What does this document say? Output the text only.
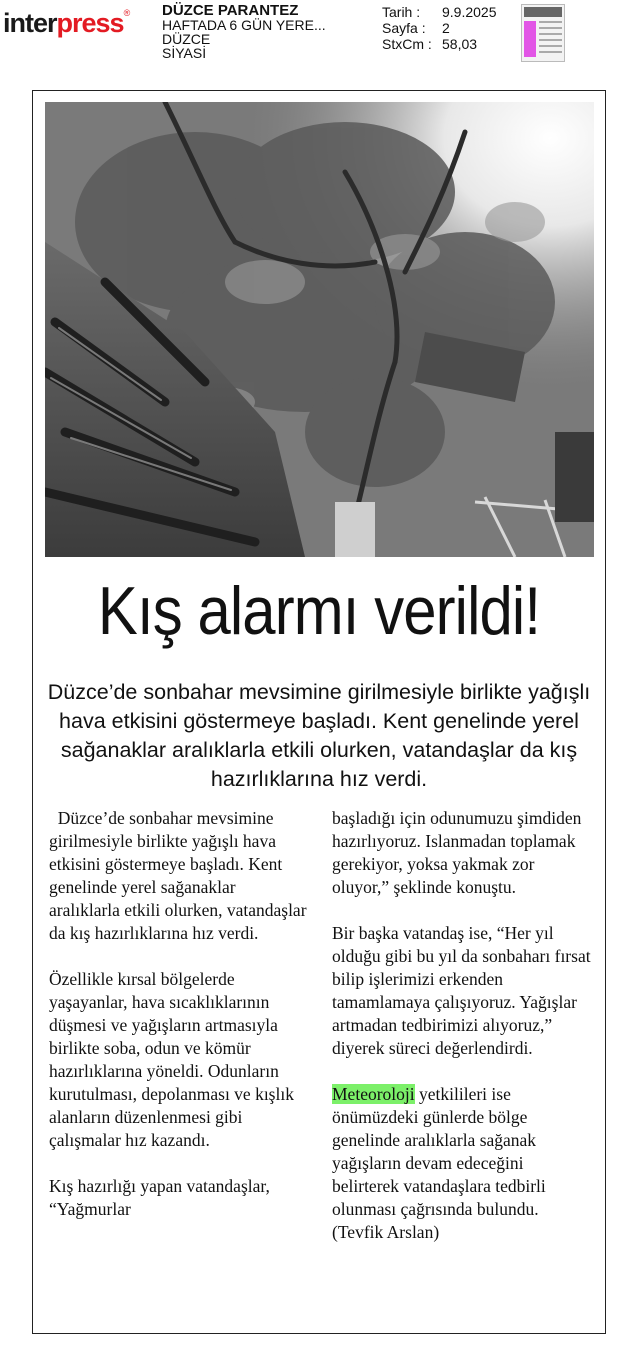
interpress® DÜZCE PARANTEZ
HAFTADA 6 GÜN YERE...
DÜZCE
SİYASİ
Tarih :	9.9.2025
Sayfa :	2
StxCm : 58,03
Kış alarmı verildi!
Düzce’de sonbahar mevsimine girilmesiyle birlikte yağışlı hava etkisini göstermeye başladı. Kent genelinde yerel sağanaklar aralıklarla etkili olurken, vatandaşlar da kış hazırlıklarına hız verdi.

Düzce’de sonbahar mevsimine girilmesiyle birlikte yağışlı hava etkisini göstermeye başladı. Kent genelinde yerel sağanaklar aralıklarla etkili olurken, vatandaşlar da kış hazırlıklarına hız verdi.

Özellikle kırsal bölgelerde yaşayanlar, hava sıcaklıklarının düşmesi ve yağışların artmasıyla birlikte soba, odun ve kömür hazırlıklarına yöneldi. Odunların kurutulması, depolanması ve kışlık alanların düzenlenmesi gibi çalışmalar hız kazandı.

Kış hazırlığı yapan vatandaşlar, “Yağmurlar

başladığı için odunumuzu şimdiden hazırlıyoruz. Islanmadan toplamak gerekiyor, yoksa yakmak zor oluyor,” şeklinde konuştu.

Bir başka vatandaş ise, “Her yıl olduğu gibi bu yıl da sonbaharı fırsat bilip işlerimizi erkenden tamamlamaya çalışıyoruz. Yağışlar artmadan tedbirimizi alıyoruz,” diyerek süreci değerlendirdi.

Meteoroloji yetkilileri ise önümüzdeki günlerde bölge genelinde aralıklarla sağanak yağışların devam edeceğini belirterek vatandaşlara tedbirli olunması çağrısında bulundu. (Tevfik Arslan)
